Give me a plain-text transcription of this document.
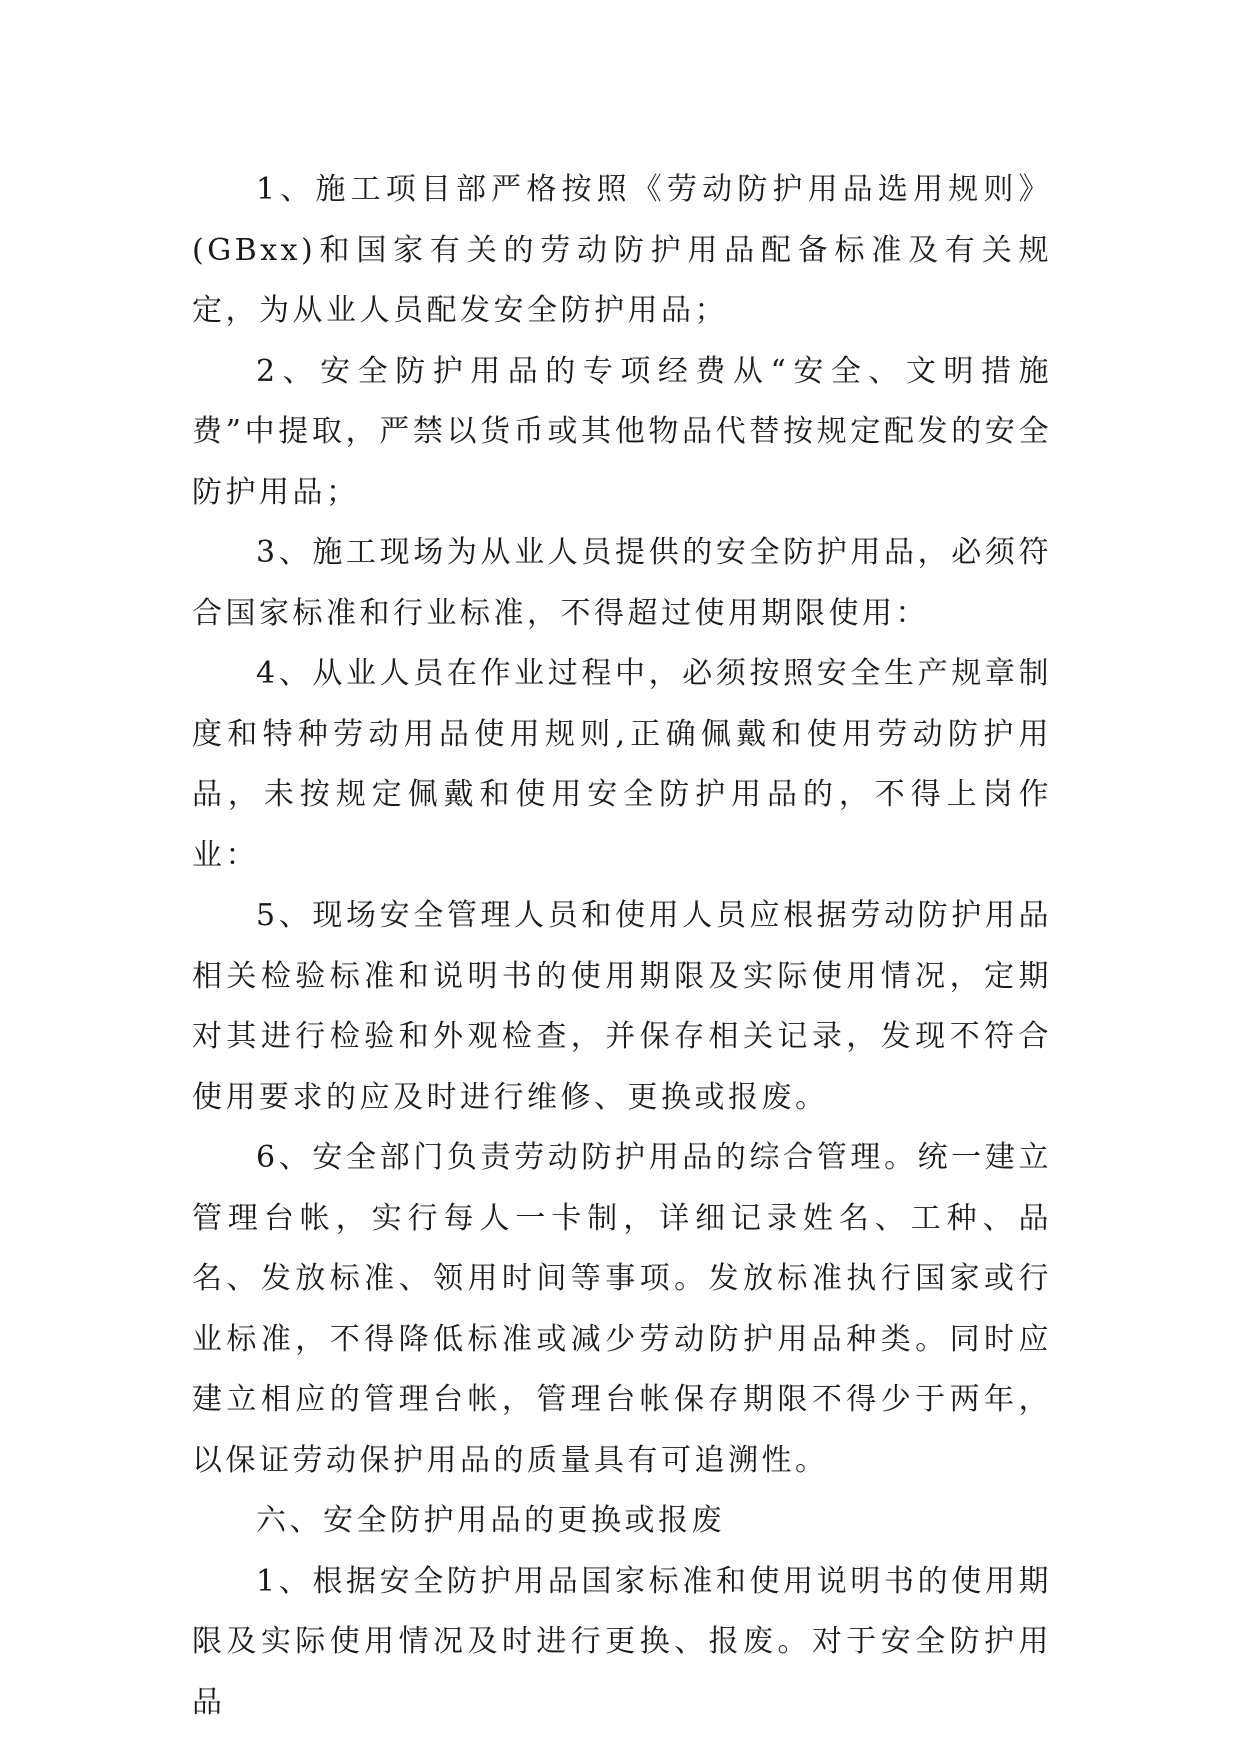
1、施工项目部严格按照《劳动防护用品选用规则》(GBxx)和国家有关的劳动防护用品配备标准及有关规定，为从业人员配发安全防护用品；

2、安全防护用品的专项经费从“安全、文明措施费”中提取，严禁以货币或其他物品代替按规定配发的安全防护用品；

3、施工现场为从业人员提供的安全防护用品，必须符合国家标准和行业标准，不得超过使用期限使用：

4、从业人员在作业过程中，必须按照安全生产规章制度和特种劳动用品使用规则,正确佩戴和使用劳动防护用品，未按规定佩戴和使用安全防护用品的，不得上岗作业：

5、现场安全管理人员和使用人员应根据劳动防护用品相关检验标准和说明书的使用期限及实际使用情况，定期对其进行检验和外观检查，并保存相关记录，发现不符合使用要求的应及时进行维修、更换或报废。

6、安全部门负责劳动防护用品的综合管理。统一建立管理台帐，实行每人一卡制，详细记录姓名、工种、品名、发放标准、领用时间等事项。发放标准执行国家或行业标准，不得降低标准或减少劳动防护用品种类。同时应建立相应的管理台帐，管理台帐保存期限不得少于两年，以保证劳动保护用品的质量具有可追溯性。

六、安全防护用品的更换或报废

1、根据安全防护用品国家标准和使用说明书的使用期限及实际使用情况及时进行更换、报废。对于安全防护用品
